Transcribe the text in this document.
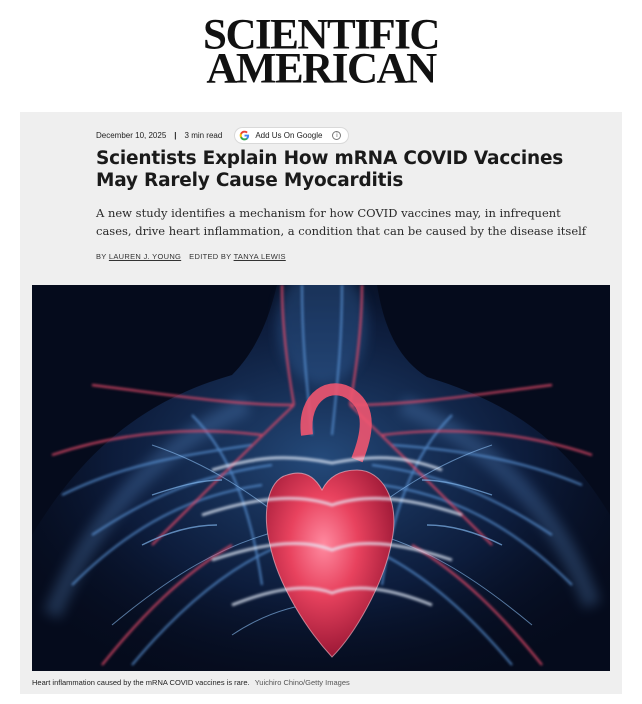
SCIENTIFIC
AMERICAN
December 10, 2025 | 3 min read	Add Us On Google	i
Scientists Explain How mRNA COVID Vaccines May Rarely Cause Myocarditis

A new study identifies a mechanism for how COVID vaccines may, in infrequent cases, drive heart inflammation, a condition that can be caused by the disease itself

BY LAUREN J. YOUNG EDITED BY TANYA LEWIS
Heart inflammation caused by the mRNA COVID vaccines is rare. Yuichiro Chino/Getty Images
